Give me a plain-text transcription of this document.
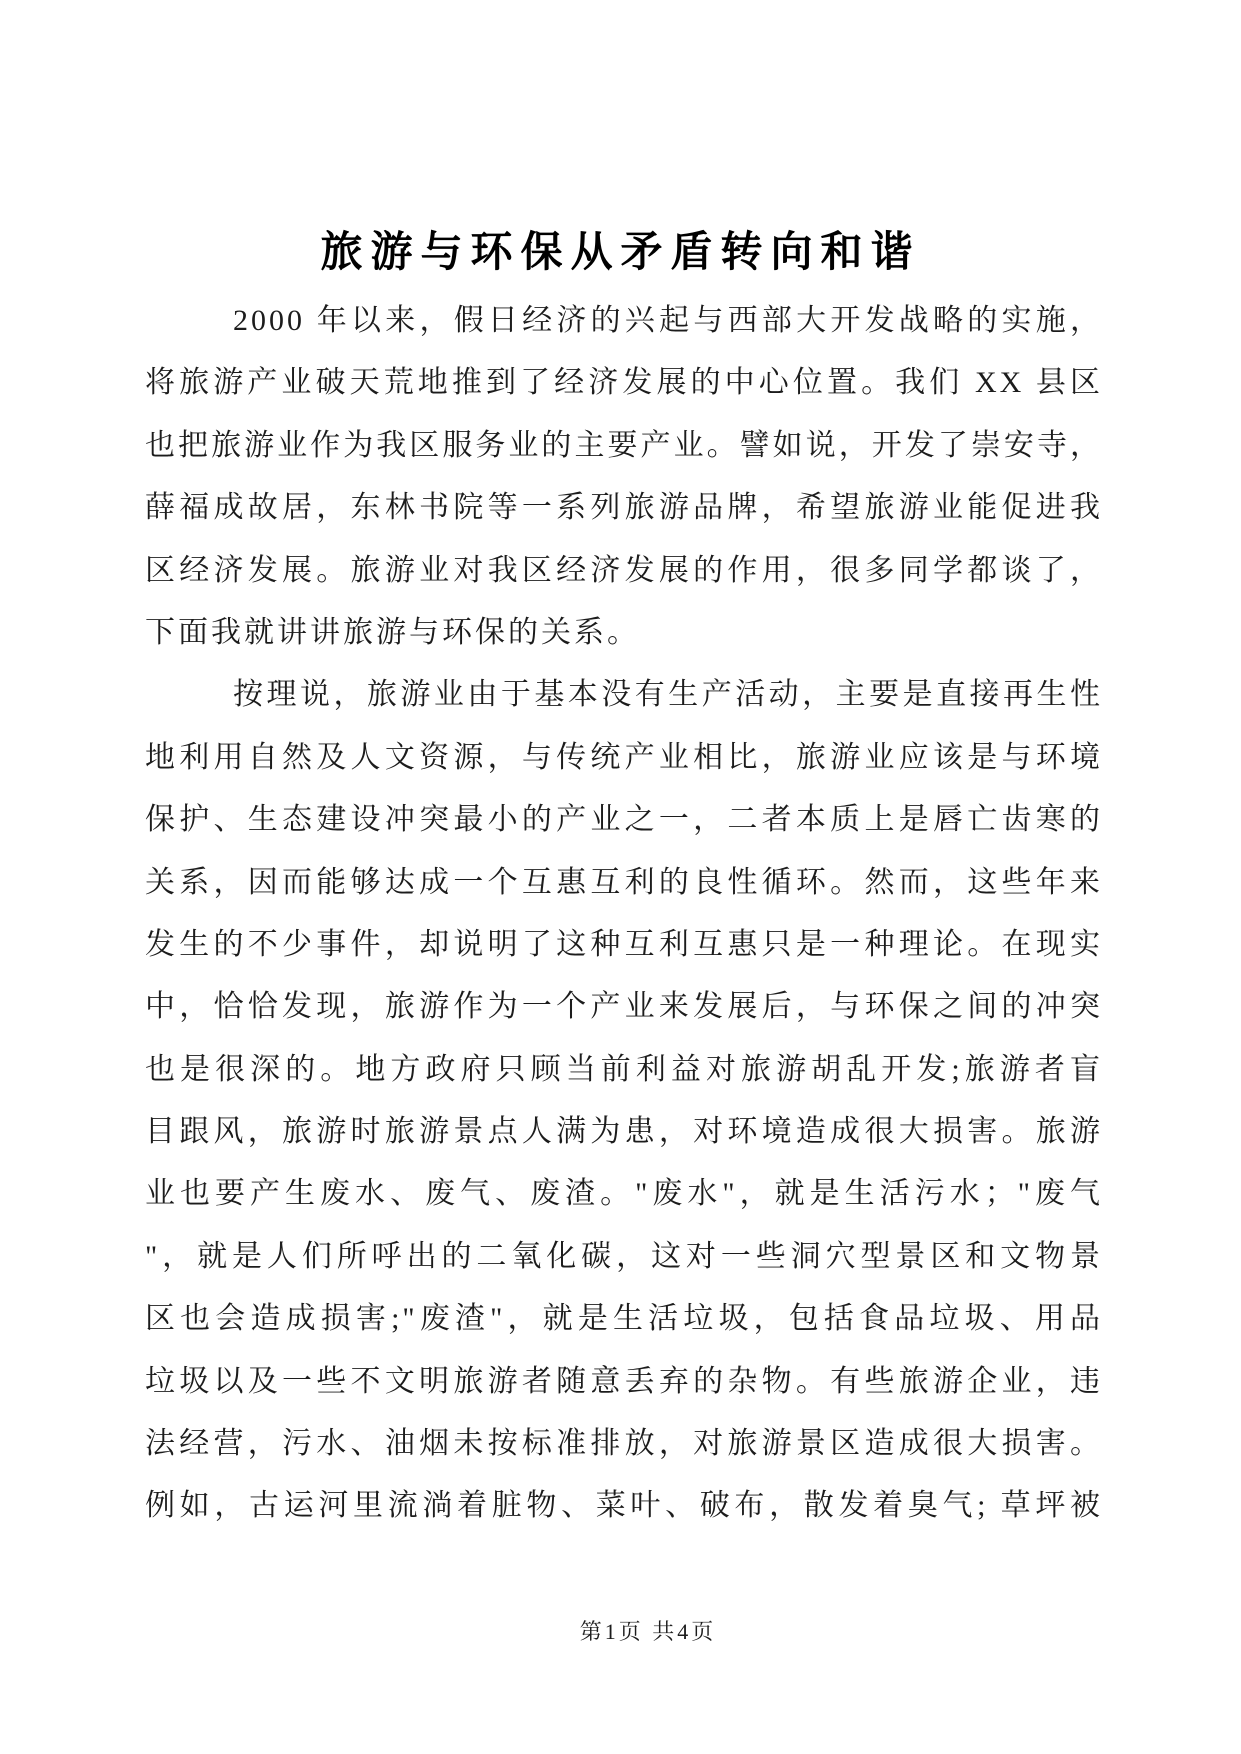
旅游与环保从矛盾转向和谐
2000 年以来，假日经济的兴起与西部大开发战略的实施，
将旅游产业破天荒地推到了经济发展的中心位置。我们 XX 县区
也把旅游业作为我区服务业的主要产业。譬如说，开发了崇安寺，
薛福成故居，东林书院等一系列旅游品牌，希望旅游业能促进我
区经济发展。旅游业对我区经济发展的作用，很多同学都谈了，
下面我就讲讲旅游与环保的关系。
按理说，旅游业由于基本没有生产活动，主要是直接再生性
地利用自然及人文资源，与传统产业相比，旅游业应该是与环境
保护、生态建设冲突最小的产业之一，二者本质上是唇亡齿寒的
关系，因而能够达成一个互惠互利的良性循环。然而，这些年来
发生的不少事件，却说明了这种互利互惠只是一种理论。在现实
中，恰恰发现，旅游作为一个产业来发展后，与环保之间的冲突
也是很深的。地方政府只顾当前利益对旅游胡乱开发;旅游者盲
目跟风，旅游时旅游景点人满为患，对环境造成很大损害。旅游
业也要产生废水、废气、废渣。"废水"，就是生活污水；"废气
"，就是人们所呼出的二氧化碳，这对一些洞穴型景区和文物景
区也会造成损害;"废渣"，就是生活垃圾，包括食品垃圾、用品
垃圾以及一些不文明旅游者随意丢弃的杂物。有些旅游企业，违
法经营，污水、油烟未按标准排放，对旅游景区造成很大损害。
例如，古运河里流淌着脏物、菜叶、破布，散发着臭气; 草坪被
第1页 共4页
